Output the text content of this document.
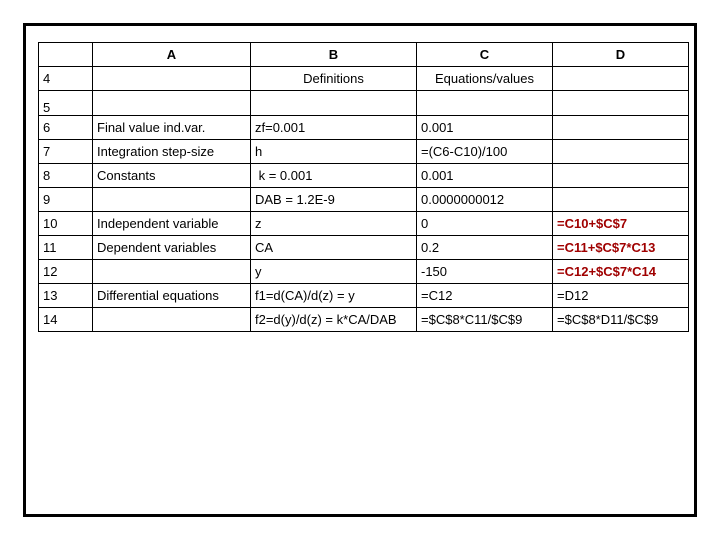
	A	B	C	D
4		Definitions	Equations/values	
5				
6	Final value ind.var.	zf=0.001	0.001	
7	Integration step-size	h	=(C6-C10)/100	
8	Constants	k = 0.001	0.001	
9		DAB = 1.2E-9	0.0000000012	
10	Independent variable	z	0	=C10+$C$7
11	Dependent variables	CA	0.2	=C11+$C$7*C13
12		y	-150	=C12+$C$7*C14
13	Differential equations	f1=d(CA)/d(z) = y	=C12	=D12
14		f2=d(y)/d(z) = k*CA/DAB	=$C$8*C11/$C$9	=$C$8*D11/$C$9
